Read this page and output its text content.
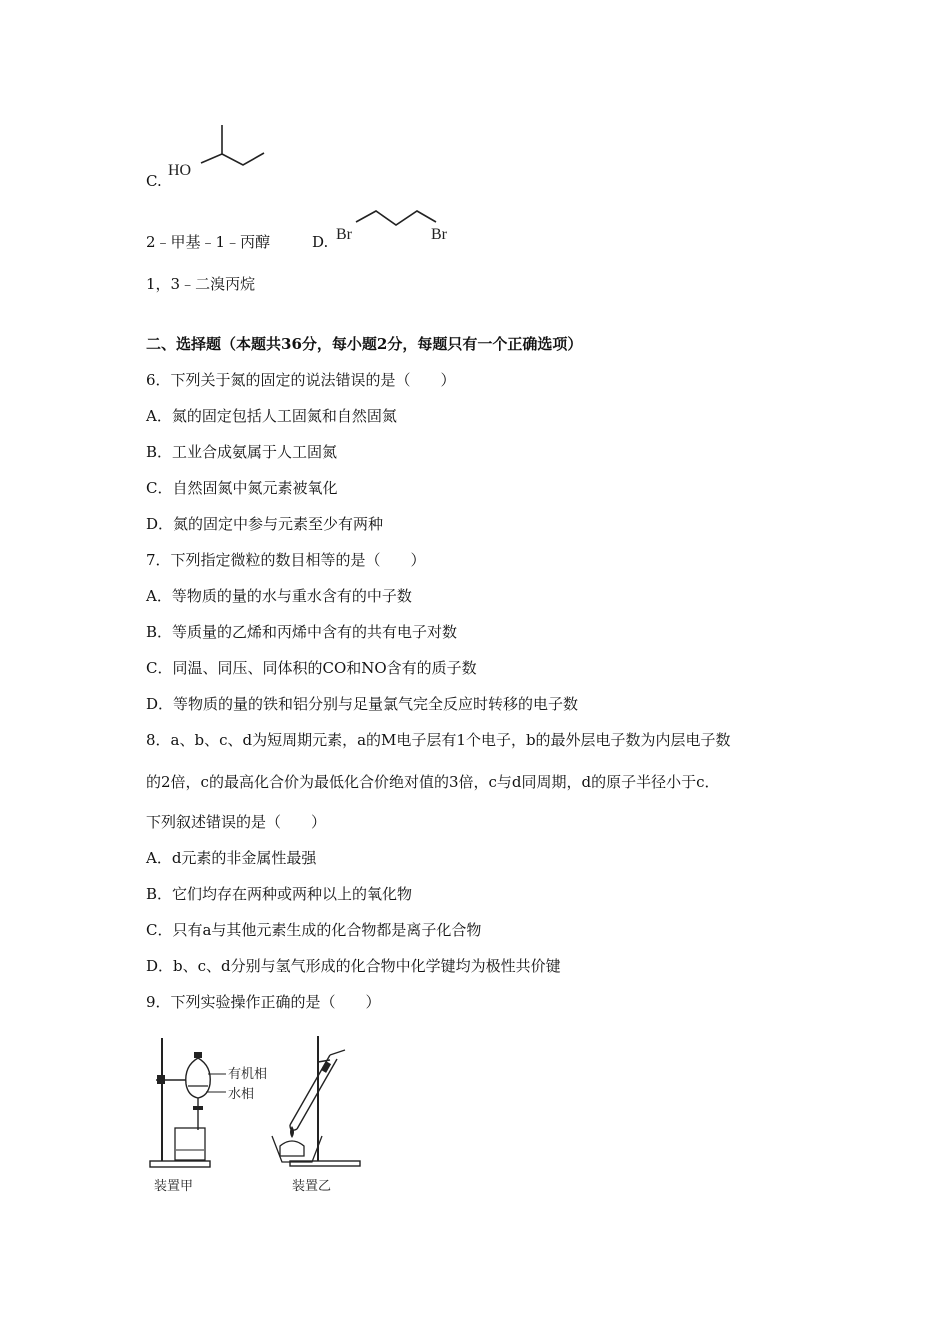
C.
HO
2﹣甲基﹣1﹣丙醇	D. Br	Br
1，3﹣二溴丙烷
二、选择题（本题共36分，每小题2分，每题只有一个正确选项）
6．下列关于氮的固定的说法错误的是（　　）
A．氮的固定包括人工固氮和自然固氮
B．工业合成氨属于人工固氮
C．自然固氮中氮元素被氧化
D．氮的固定中参与元素至少有两种
7．下列指定微粒的数目相等的是（　　）
A．等物质的量的水与重水含有的中子数
B．等质量的乙烯和丙烯中含有的共有电子对数
C．同温、同压、同体积的CO和NO含有的质子数
D．等物质的量的铁和铝分别与足量氯气完全反应时转移的电子数
8．a、b、c、d为短周期元素，a的M电子层有1个电子，b的最外层电子数为内层电子数
的2倍，c的最高化合价为最低化合价绝对值的3倍，c与d同周期，d的原子半径小于c．
下列叙述错误的是（　　）
A．d元素的非金属性最强
B．它们均存在两种或两种以上的氧化物
C．只有a与其他元素生成的化合物都是离子化合物
D．b、c、d分别与氢气形成的化合物中化学键均为极性共价键
9．下列实验操作正确的是（　　）
有机相
水相
装置甲	装置乙
